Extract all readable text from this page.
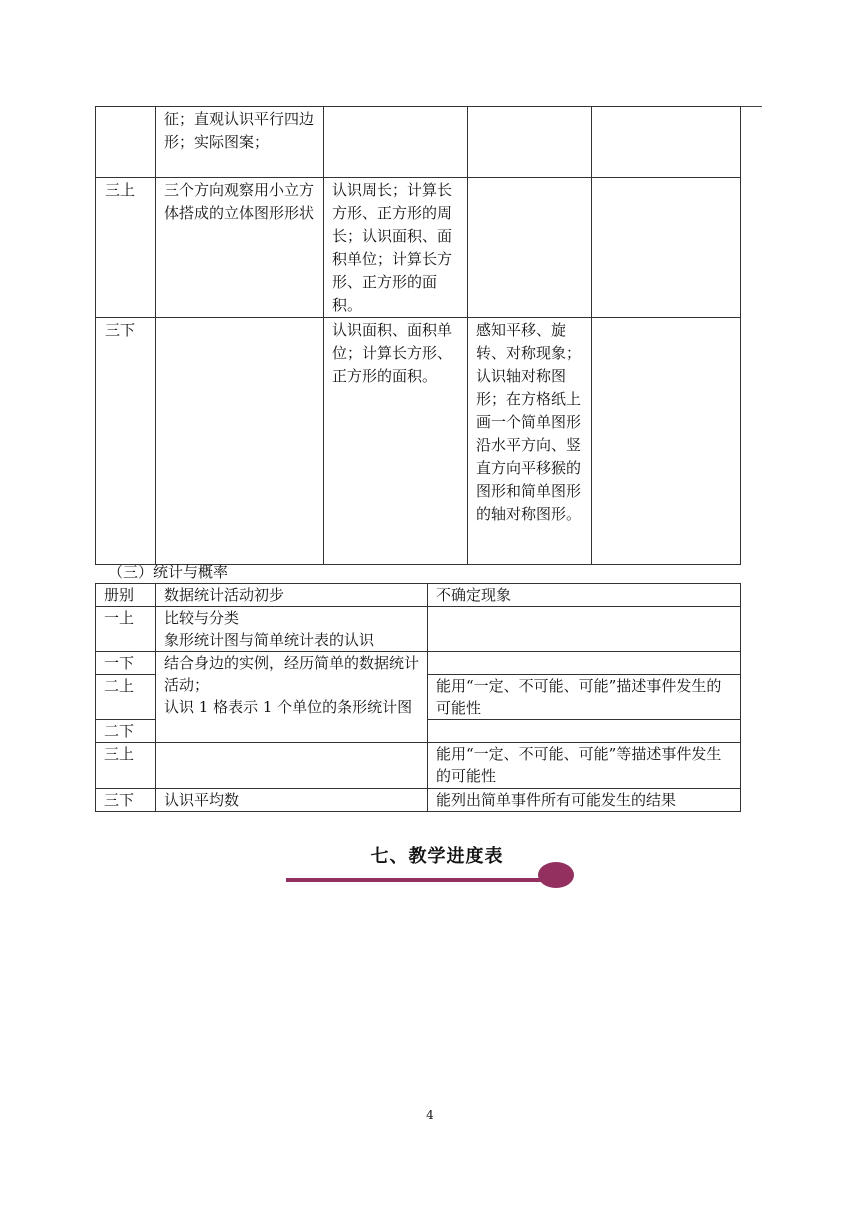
	征；直观认识平行四边形；实际图案；			
三上	三个方向观察用小立方体搭成的立体图形形状	认识周长；计算长方形、正方形的周长；认识面积、面积单位；计算长方形、正方形的面积。		
三下		认识面积、面积单位；计算长方形、正方形的面积。	感知平移、旋转、对称现象；认识轴对称图形；在方格纸上画一个简单图形沿水平方向、竖直方向平移猴的图形和简单图形的轴对称图形。	
（三）统计与概率
册别	数据统计活动初步	不确定现象
一上	比较与分类
象形统计图与简单统计表的认识	
一下	结合身边的实例，经历简单的数据统计活动；
认识 1 格表示 1 个单位的条形统计图	
二上		能用“一定、不可能、可能”描述事件发生的可能性
二下		
三上		能用“一定、不可能、可能”等描述事件发生的可能性
三下	认识平均数	能列出简单事件所有可能发生的结果
七、教学进度表
4
